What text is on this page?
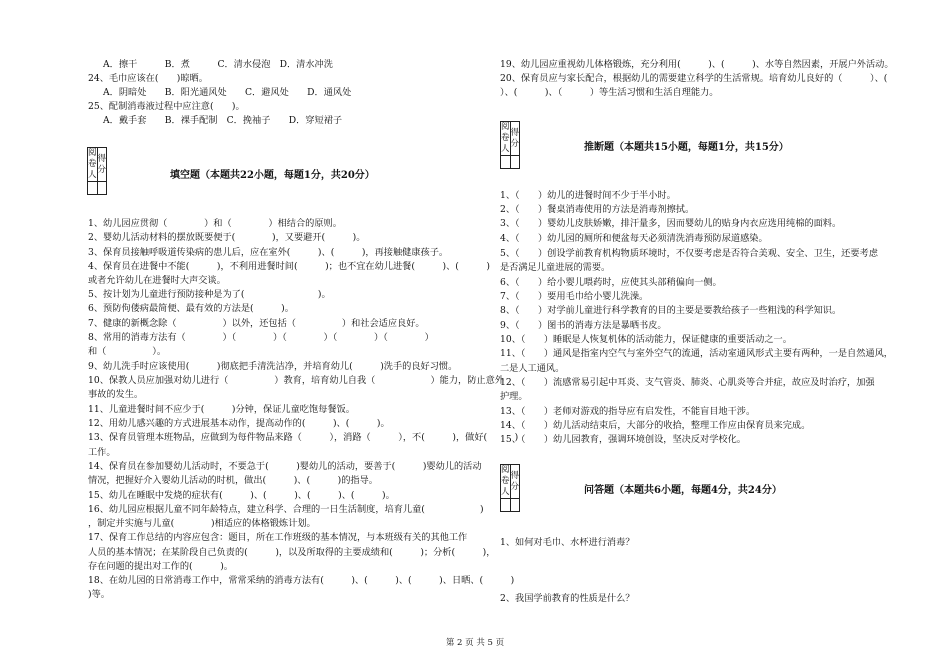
A．擦干　　　B．煮　　　C．清水侵泡　D．清水冲洗
24、毛巾应该在(　　)晾晒。
A．阴暗处　　B．阳光通风处　　C．避风处　　D．通风处
25、配制消毒液过程中应注意(　　)。
A．戴手套　　B．裸手配制　C．挽袖子　　D．穿短裙子
阅卷人	得分

填空题（本题共22小题，每题1分，共20分）
1、幼儿园应贯彻（　　　　）和（　　　　）相结合的原则。
2、婴幼儿活动材料的摆放既要便于(　　　　)，又要避开(　　　)。
3、保育员接触呼吸道传染病的患儿后，应在室外(　　　)、(　　　)，再接触健康孩子。
4、保育员在进餐中不能(　　　)，不利用进餐时间(　　　)；也不宜在幼儿进餐(　　　)、(　　　)
或者允许幼儿在进餐时大声交谈。
5、按计划为儿童进行预防接种是为了(　　　　　　　　)。
6、预防佝偻病最简便、最有效的方法是(　　　)。
7、健康的新概念除（　　　　　）以外，还包括（　　　　　）和社会适应良好。
8、常用的消毒方法有（　　　　）（　　　　）（　　　　）（　　　　）（　　　　）
和（　　　　　）。
9、幼儿洗手时应该使用(　　　)彻底把手清洗洁净，并培育幼儿(　　　)洗手的良好习惯。
10、保教人员应加强对幼儿进行（　　　　　）教育，培育幼儿自我（　　　　　　）能力，防止意外
事故的发生。
11、儿童进餐时间不应少于(　　　)分钟，保证儿童吃饱每餐饭。
12、用幼儿感兴趣的方式进展基本动作，提高动作的(　　　)、(　　　)。
13、保育员管理本班物品，应做到为每件物品来路（　　　），消路（　　　），不(　　　)，做好(　　　)
工作。
14、保育员在参加婴幼儿活动时，不要急于(　　　)婴幼儿的活动，要善于(　　　)婴幼儿的活动
情况，把握好介入婴幼儿活动的时机，做出(　　　)、(　　　)的指导。
15、幼儿在睡眠中发烧的症状有(　　　)、(　　　)、(　　　)、(　　　)。
16、幼儿园应根据儿童不同年龄特点，建立科学、合理的一日生活制度，培育儿童(　　　　　　)
，制定并实施与儿童(　　　　)相适应的体格锻炼计划。
17、保育工作总结的内容应包含：题目，所在工作班级的基本情况，与本班级有关的其他工作
人员的基本情况；在某阶段自己负责的(　　　)，以及所取得的主要成绩和(　　　)；分析(　　　)，
存在问题的提出对工作的(　　　)。
18、在幼儿园的日常消毒工作中，常常采纳的消毒方法有(　　　)、(　　　)、(　　　)、日晒、(　　　)
)等。
19、幼儿园应重视幼儿体格锻炼，充分利用(　　　)、(　　　)、水等自然因素，开展户外活动。
20、保育员应与家长配合，根据幼儿的需要建立科学的生活常规。培育幼儿良好的（　　　）、(
）、(　　　)、（　　　）等生活习惯和生活自理能力。
阅卷人	得分
		推断题（本题共15小题，每题1分，共15分）
1、（　　）幼儿的进餐时间不少于半小时。
2、（　　）餐桌消毒使用的方法是消毒剂擦拭。
3、（　　）婴幼儿皮肤娇嫩，排汗量多，因而婴幼儿的贴身内衣应选用纯棉的面料。
4、（　　）幼儿园的厕所和便盆每天必须清洗消毒预防尿道感染。
5、（　　）创设学前教育机构物质环境时，不仅要考虑是否符合美观、安全、卫生，还要考虑
是否满足儿童进展的需要。
6、（　　）给小婴儿喂药时，应使其头部稍偏向一侧。
7、（　　）要用毛巾给小婴儿洗澡。
8、（　　）对学前儿童进行科学教育的目的主要是要教给孩子一些粗浅的科学知识。
9、（　　）图书的消毒方法是暴晒书皮。
10、（　　）睡眠是人恢复机体的活动能力，保证健康的重要活动之一。
11、（　　）通风是指室内空气与室外空气的流通，活动室通风形式主要有两种，一是自然通风，
二是人工通风。
12、（　　）流感常易引起中耳炎、支气管炎、肺炎、心肌炎等合并症，故应及时治疗，加强
护理。
13、（　　）老师对游戏的指导应有启发性，不能盲目地干涉。
14、（　　）幼儿活动结束后，大部分的收拾，整理工作应由保育员来完成。
15、（　　）幼儿园教育，强调环境创设，坚决反对学校化。
阅卷人	得分
		问答题（本题共6小题，每题4分，共24分）
1、如何对毛巾、水杯进行消毒？
2、我国学前教育的性质是什么？
第 2 页 共 5 页
